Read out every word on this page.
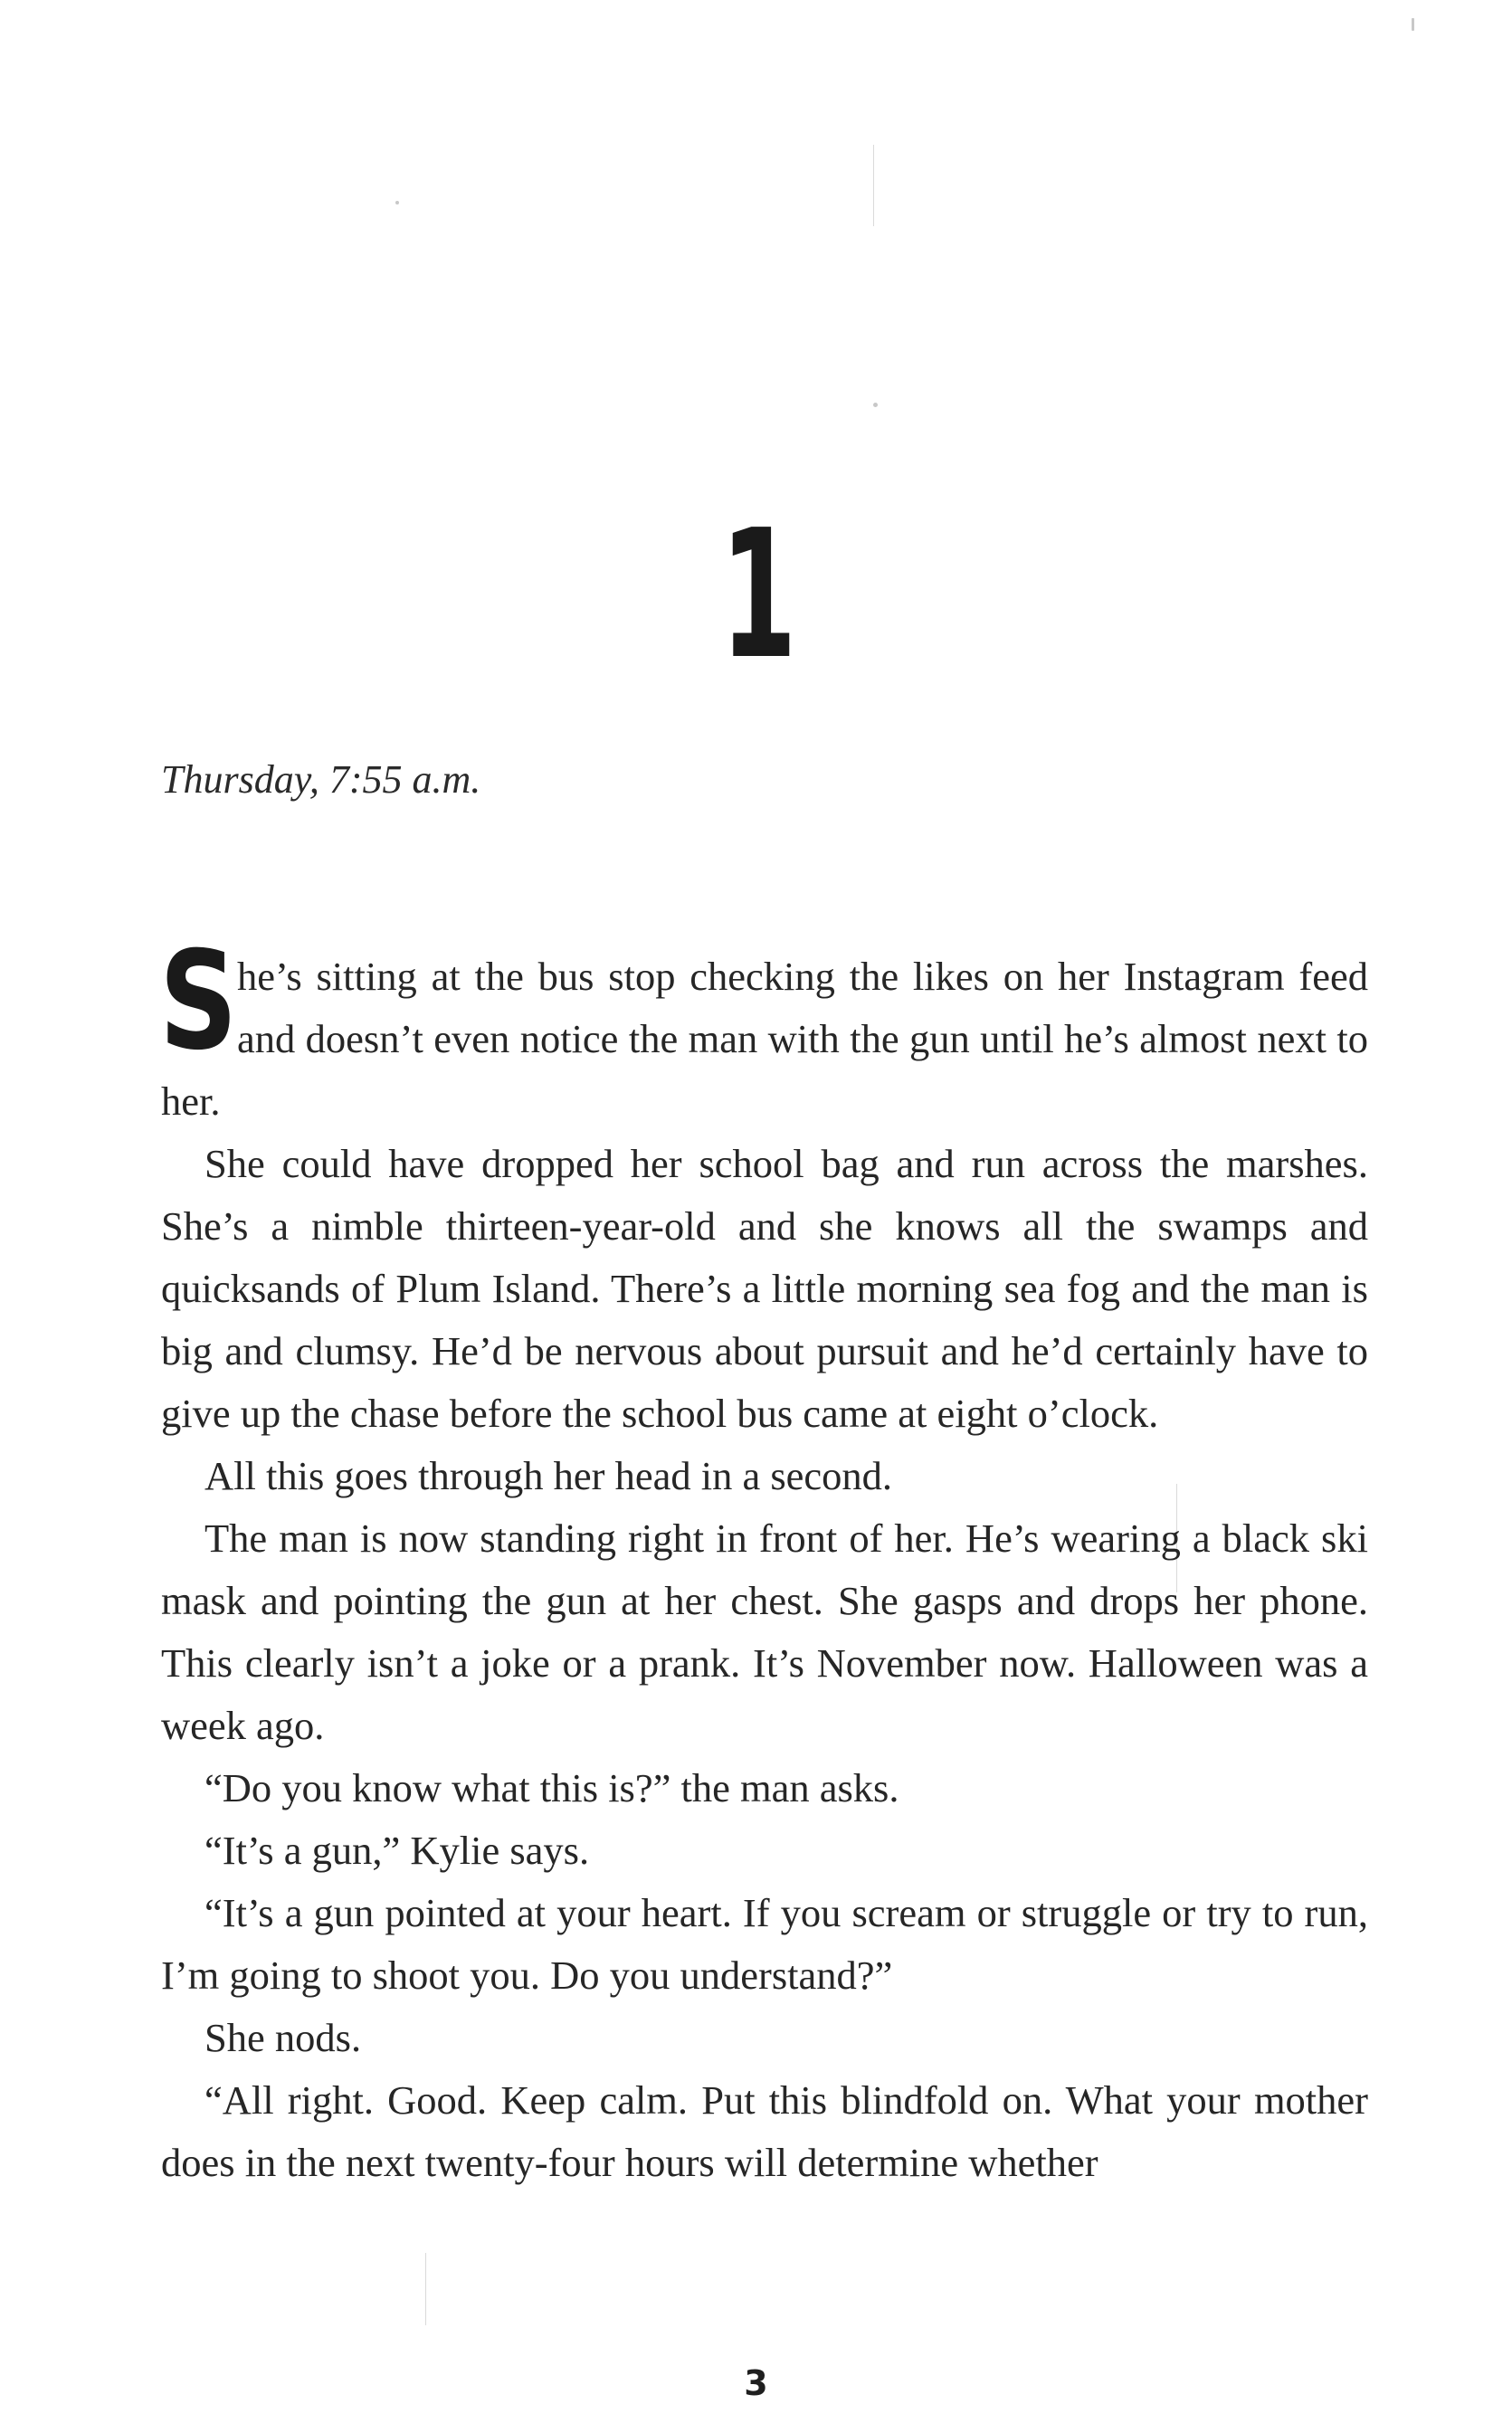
1
Thursday, 7:55 a.m.

She’s sitting at the bus stop checking the likes on her Instagram feed and doesn’t even notice the man with the gun until he’s almost next to her.

She could have dropped her school bag and run across the marshes. She’s a nimble thirteen-year-old and she knows all the swamps and quicksands of Plum Island. There’s a little morning sea fog and the man is big and clumsy. He’d be nervous about pursuit and he’d certainly have to give up the chase before the school bus came at eight o’clock.

All this goes through her head in a second.

The man is now standing right in front of her. He’s wearing a black ski mask and pointing the gun at her chest. She gasps and drops her phone. This clearly isn’t a joke or a prank. It’s November now. Halloween was a week ago.

“Do you know what this is?” the man asks.

“It’s a gun,” Kylie says.

“It’s a gun pointed at your heart. If you scream or struggle or try to run, I’m going to shoot you. Do you understand?”

She nods.

“All right. Good. Keep calm. Put this blindfold on. What your mother does in the next twenty-four hours will determine whether

3
